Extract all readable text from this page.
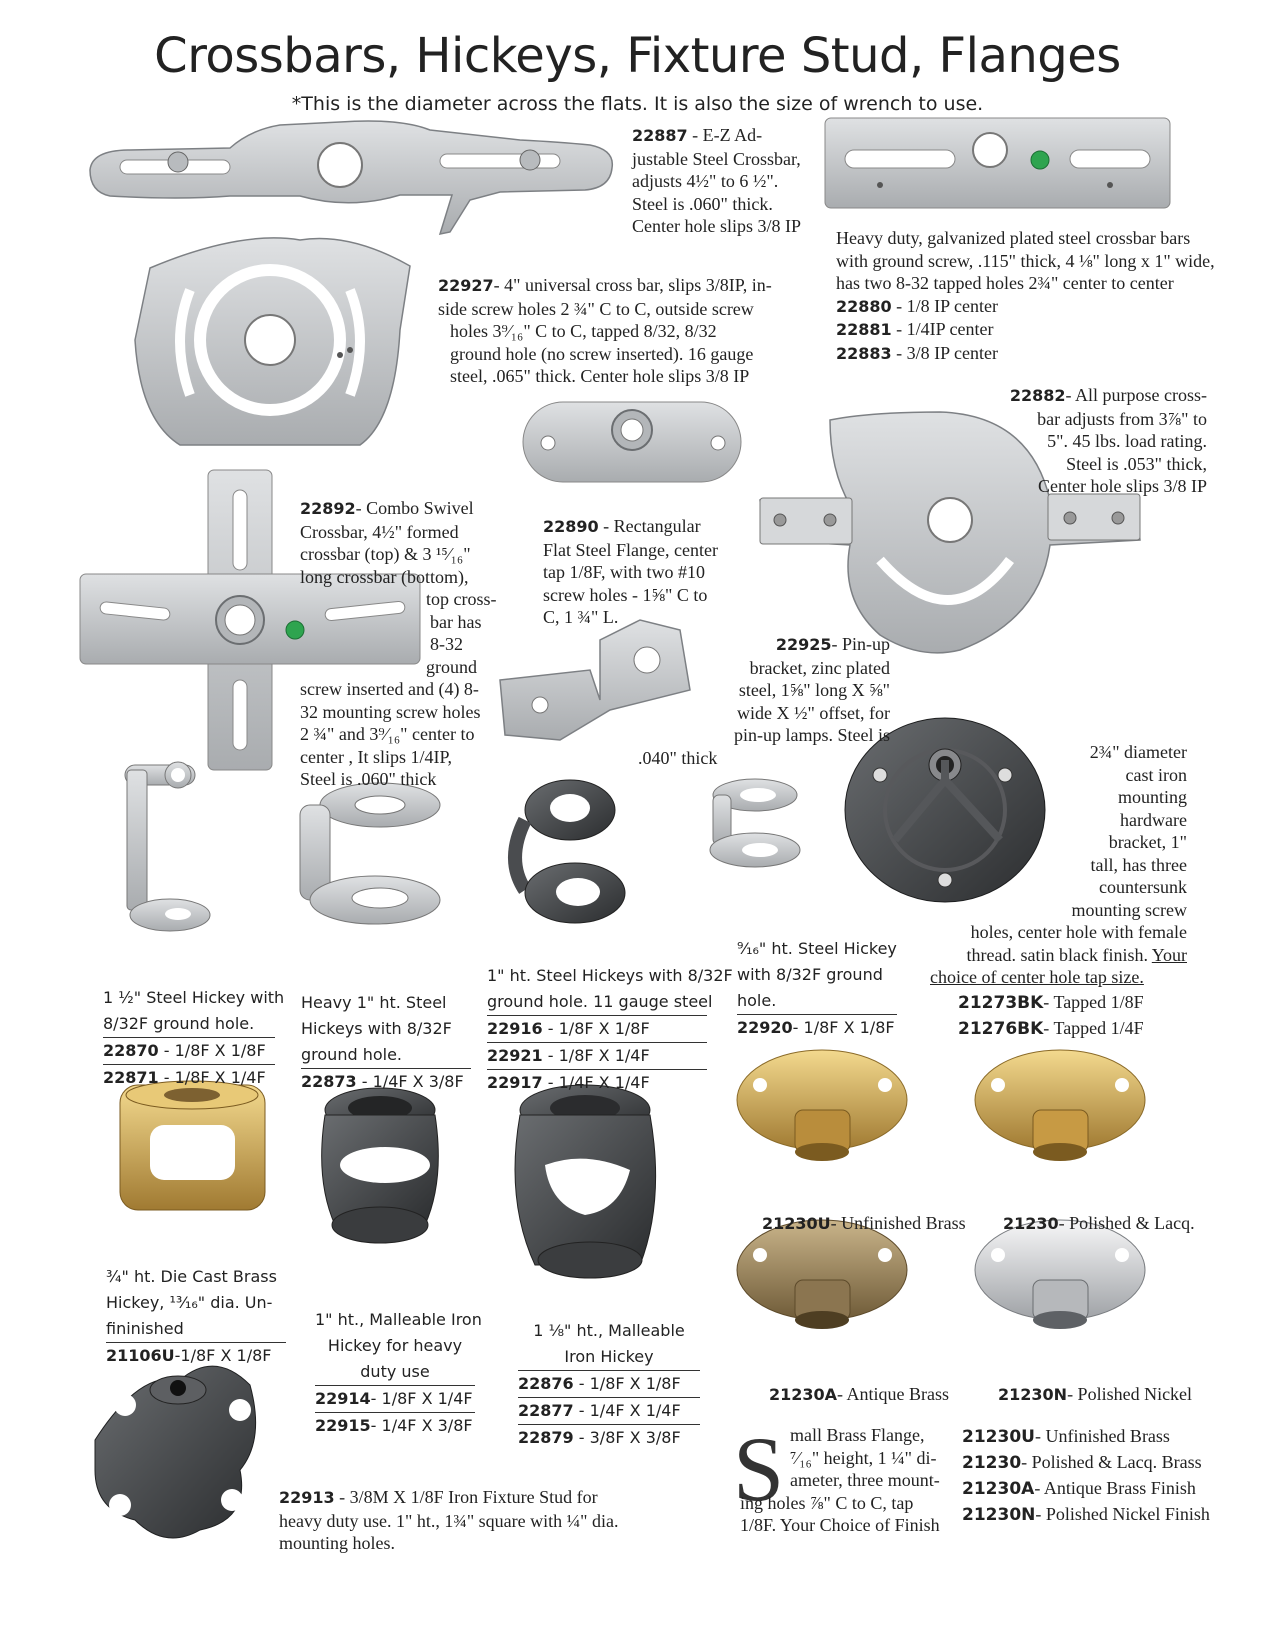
Crossbars, Hickeys, Fixture Stud, Flanges
*This is the diameter across the flats. It is also the size of wrench to use.
22887 - E-Z Ad-
justable Steel Crossbar,
adjusts 4½" to 6 ½".
Steel is .060" thick.
Center hole slips 3/8 IP
Heavy duty, galvanized plated steel crossbar bars
with ground screw, .115" thick, 4 ⅛" long x 1" wide,
has two 8-32 tapped holes 2¾" center to center
22880 - 1/8 IP center
22881 - 1/4IP center
22883 - 3/8 IP center
22927- 4" universal cross bar, slips 3/8IP, in-
side screw holes 2 ¾" C to C, outside screw
holes 3⁹⁄₁₆" C to C, tapped 8/32, 8/32
ground hole (no screw inserted). 16 gauge
steel, .065" thick. Center hole slips 3/8 IP
22882- All purpose cross-
bar adjusts from 3⅞" to
5". 45 lbs. load rating.
Steel is .053" thick,
Center hole slips 3/8 IP
22890 - Rectangular
Flat Steel Flange, center
tap 1/8F, with two #10
screw holes - 1⅝" C to
C, 1 ¾" L.
22892- Combo Swivel
Crossbar, 4½" formed
crossbar (top) & 3 ¹⁵⁄₁₆"
long crossbar (bottom),
top cross-
bar has
8-32
ground
screw inserted and (4) 8-
32 mounting screw holes
2 ¾" and 3⁹⁄₁₆" center to
center , It slips 1/4IP,
Steel is .060" thick
22925- Pin-up
bracket, zinc plated
steel, 1⅝" long X ⅝"
wide X ½" offset, for
pin-up lamps. Steel is
.040" thick	2¾" diameter
cast iron
mounting
hardware
bracket, 1"
tall, has three
countersunk
mounting screw
holes, center hole with female
thread. satin black finish. Your
choice of center hole tap size.
21273BK- Tapped 1/8F
21276BK- Tapped 1/4F
1 ½" Steel Hickey with
8/32F ground hole.
22870 - 1/8F X 1/8F
22871 - 1/8F X 1/4F
Heavy 1" ht. Steel
Hickeys with 8/32F
ground hole.
22873 - 1/4F X 3/8F
1" ht. Steel Hickeys with 8/32F
ground hole. 11 gauge steel
22916 - 1/8F X 1/8F
22921 - 1/8F X 1/4F
22917 - 1/4F X 1/4F
⁹⁄₁₆" ht. Steel Hickey
with 8/32F ground
hole.
22920- 1/8F X 1/8F
¾" ht. Die Cast Brass
Hickey, ¹³⁄₁₆" dia. Un-
fininished
21106U-1/8F X 1/8F
1" ht., Malleable Iron
Hickey for heavy
duty use
22914- 1/8F X 1/4F
22915- 1/4F X 3/8F
1 ⅛" ht., Malleable
Iron Hickey
22876 - 1/8F X 1/8F
22877 - 1/4F X 1/4F
22879 - 3/8F X 3/8F
22913 - 3/8M X 1/8F Iron Fixture Stud for
heavy duty use. 1" ht., 1¾" square with ¼" dia.
mounting holes.
21230U- Unfinished Brass 21230- Polished & Lacq.
21230A- Antique Brass	21230N- Polished Nickel
S mall Brass Flange,
⁷⁄₁₆" height, 1 ¼" di-
ameter, three mount-
ing holes ⅞" C to C, tap
1/8F. Your Choice of Finish
21230U- Unfinished Brass
21230- Polished & Lacq. Brass
21230A- Antique Brass Finish
21230N- Polished Nickel Finish
